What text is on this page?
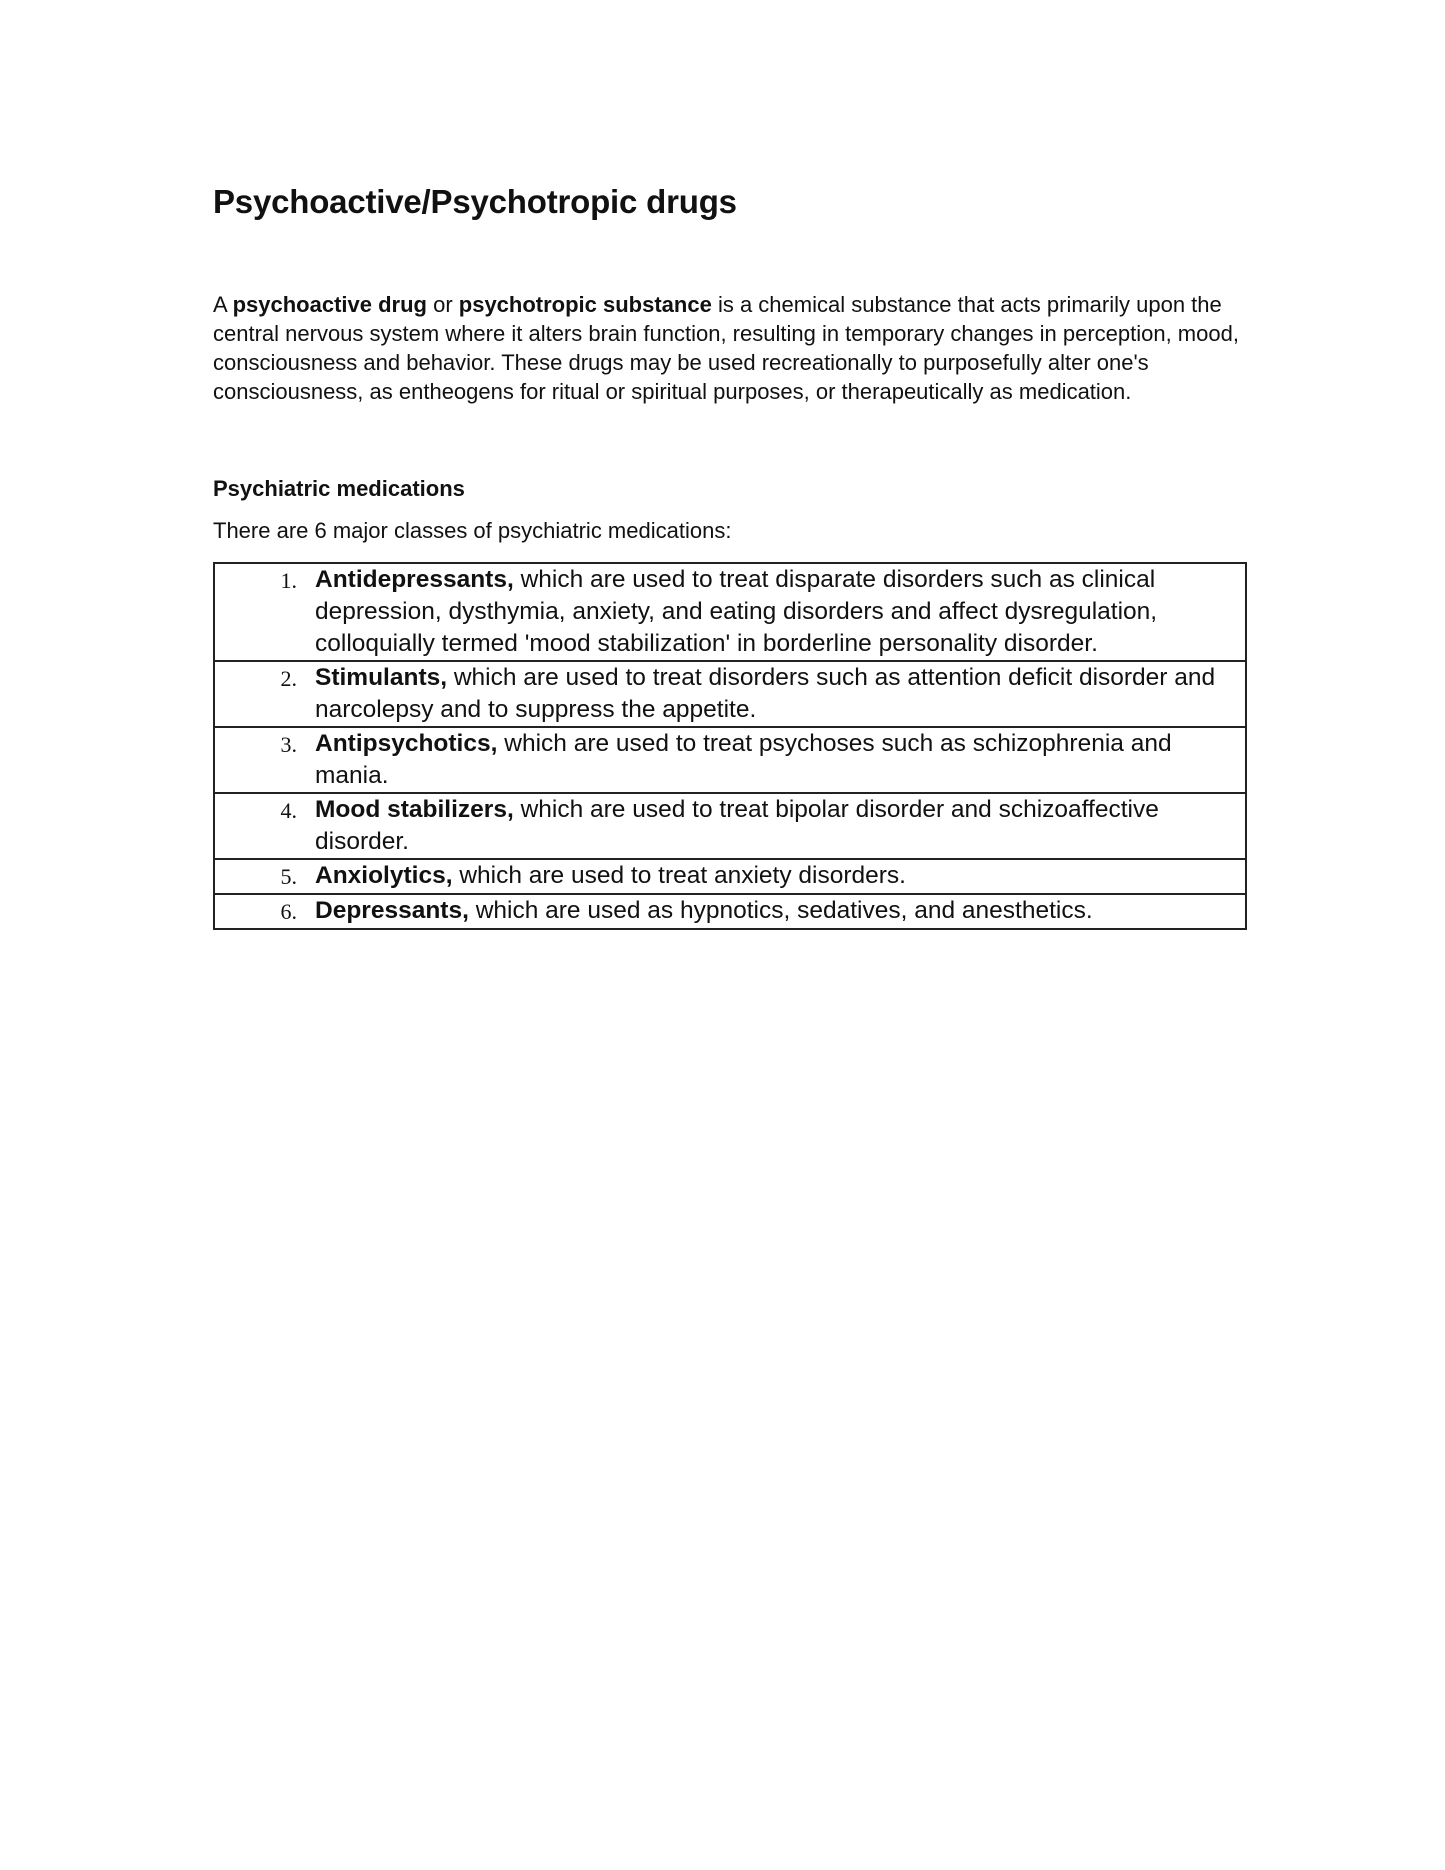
Psychoactive/Psychotropic drugs

A psychoactive drug or psychotropic substance is a chemical substance that acts primarily upon the central nervous system where it alters brain function, resulting in temporary changes in perception, mood, consciousness and behavior. These drugs may be used recreationally to purposefully alter one's consciousness, as entheogens for ritual or spiritual purposes, or therapeutically as medication.

Psychiatric medications

There are 6 major classes of psychiatric medications:

1.	Antidepressants, which are used to treat disparate disorders such as clinical depression, dysthymia, anxiety, and eating disorders and affect dysregulation, colloquially termed 'mood stabilization' in borderline personality disorder.
2.	Stimulants, which are used to treat disorders such as attention deficit disorder and narcolepsy and to suppress the appetite.
3.	Antipsychotics, which are used to treat psychoses such as schizophrenia and mania.
4.	Mood stabilizers, which are used to treat bipolar disorder and schizoaffective disorder.
5.	Anxiolytics, which are used to treat anxiety disorders.
6.	Depressants, which are used as hypnotics, sedatives, and anesthetics.
